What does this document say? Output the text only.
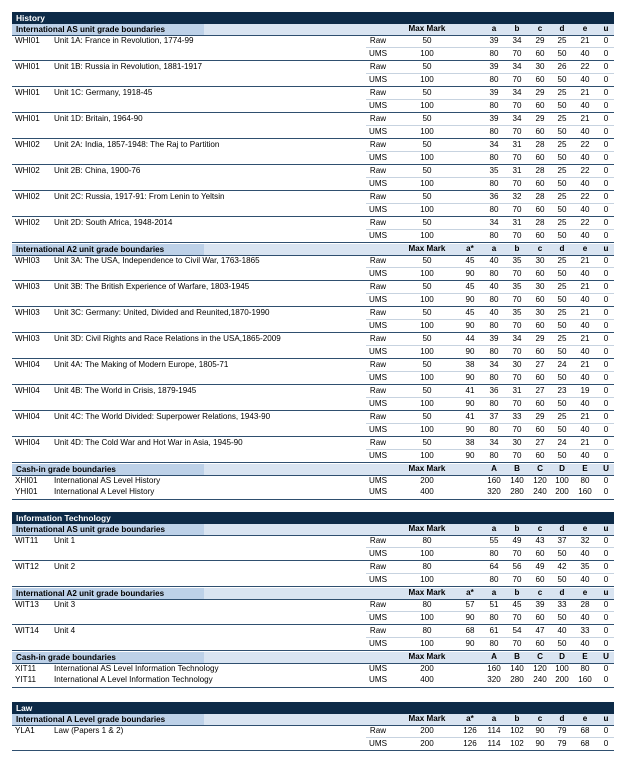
History
International AS unit grade boundaries	Max Mark	a	b	c	d	e	u
WHI01 Unit 1A: France in Revolution, 1774-99	Raw	50	39	34	29	25	21	0
UMS	100	80	70	60	50	40	0
WHI01 Unit 1B: Russia in Revolution, 1881-1917	Raw	50	39	34	30	26	22	0
UMS	100	80	70	60	50	40	0
WHI01 Unit 1C: Germany, 1918-45	Raw	50	39	34	29	25	21	0
UMS	100	80	70	60	50	40	0
WHI01 Unit 1D: Britain, 1964-90	Raw	50	39	34	29	25	21	0
UMS	100	80	70	60	50	40	0
WHI02 Unit 2A: India, 1857-1948: The Raj to Partition	Raw	50	34	31	28	25	22	0
UMS	100	80	70	60	50	40	0
WHI02 Unit 2B: China, 1900-76	Raw	50	35	31	28	25	22	0
UMS	100	80	70	60	50	40	0
WHI02 Unit 2C: Russia, 1917-91: From Lenin to Yeltsin	Raw	50	36	32	28	25	22	0
UMS	100	80	70	60	50	40	0
WHI02 Unit 2D: South Africa, 1948-2014	Raw	50	34	31	28	25	22	0
UMS	100	80	70	60	50	40	0
International A2 unit grade boundaries	Max Mark	a*	a	b	c	d	e	u
WHI03 Unit 3A: The USA, Independence to Civil War, 1763-1865	Raw	50	45	40	35	30	25	21	0
UMS	100	90	80	70	60	50	40	0
WHI03 Unit 3B: The British Experience of Warfare, 1803-1945	Raw	50	45	40	35	30	25	21	0
UMS	100	90	80	70	60	50	40	0
WHI03 Unit 3C: Germany: United, Divided and Reunited,1870-1990	Raw	50	45	40	35	30	25	21	0
UMS	100	90	80	70	60	50	40	0
WHI03 Unit 3D: Civil Rights and Race Relations in the USA,1865-2009	Raw	50	44	39	34	29	25	21	0
UMS	100	90	80	70	60	50	40	0
WHI04 Unit 4A: The Making of Modern Europe, 1805-71	Raw	50	38	34	30	27	24	21	0
UMS	100	90	80	70	60	50	40	0
WHI04 Unit 4B: The World in Crisis, 1879-1945	Raw	50	41	36	31	27	23	19	0
UMS	100	90	80	70	60	50	40	0
WHI04 Unit 4C: The World Divided: Superpower Relations, 1943-90	Raw	50	41	37	33	29	25	21	0
UMS	100	90	80	70	60	50	40	0
WHI04 Unit 4D: The Cold War and Hot War in Asia, 1945-90	Raw	50	38	34	30	27	24	21	0
UMS	100	90	80	70	60	50	40	0
Cash-in grade boundaries	Max Mark	A	B	C	D	E	U
XHI01 International AS Level History	UMS	200	160	140	120	100	80	0
YHI01 International A Level History	UMS	400	320	280	240	200	160	0
Information Technology
International AS unit grade boundaries	Max Mark	a	b	c	d	e	u
WIT11 Unit 1	Raw	80	55	49	43	37	32	0
UMS	100	80	70	60	50	40	0
WIT12 Unit 2	Raw	80	64	56	49	42	35	0
UMS	100	80	70	60	50	40	0
International A2 unit grade boundaries	Max Mark	a*	a	b	c	d	e	u
WIT13 Unit 3	Raw	80	57	51	45	39	33	28	0
UMS	100	90	80	70	60	50	40	0
WIT14 Unit 4	Raw	80	68	61	54	47	40	33	0
UMS	100	90	80	70	60	50	40	0
Cash-in grade boundaries	Max Mark	A	B	C	D	E	U
XIT11 International AS Level Information Technology	UMS	200	160	140	120	100	80	0
YIT11 International A Level Information Technology	UMS	400	320	280	240	200	160	0
Law
International A Level grade boundaries	Max Mark	a*	a	b	c	d	e	u
YLA1 Law (Papers 1 & 2)	Raw	200	126	114	102	90	79	68	0
UMS	200	126	114	102	90	79	68	0
